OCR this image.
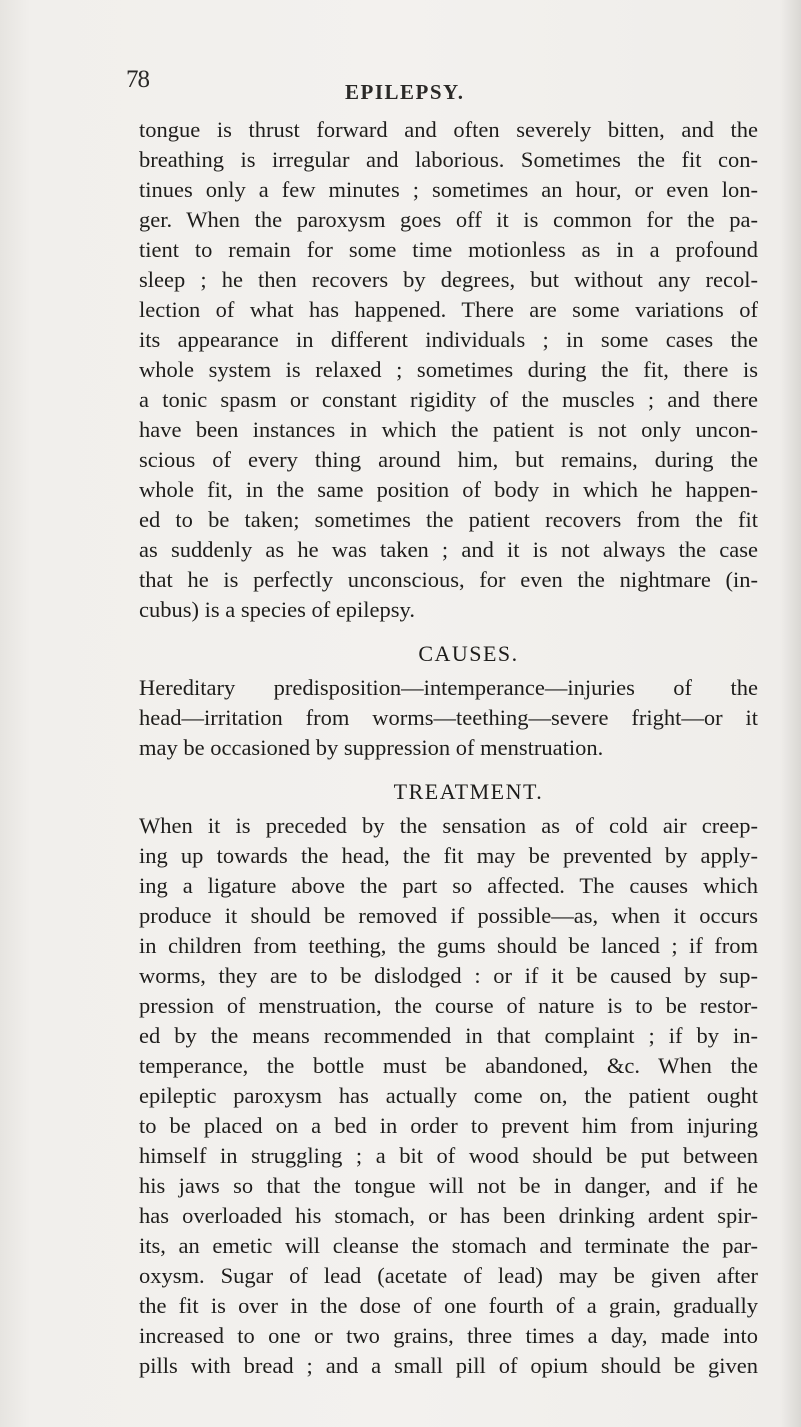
78	EPILEPSY.
tongue is thrust forward and often severely bitten, and the
breathing is irregular and laborious. Sometimes the fit con-
tinues only a few minutes ; sometimes an hour, or even lon-
ger. When the paroxysm goes off it is common for the pa-
tient to remain for some time motionless as in a profound
sleep ; he then recovers by degrees, but without any recol-
lection of what has happened. There are some variations of
its appearance in different individuals ; in some cases the
whole system is relaxed ; sometimes during the fit, there is
a tonic spasm or constant rigidity of the muscles ; and there
have been instances in which the patient is not only uncon-
scious of every thing around him, but remains, during the
whole fit, in the same position of body in which he happen-
ed to be taken; sometimes the patient recovers from the fit
as suddenly as he was taken ; and it is not always the case
that he is perfectly unconscious, for even the nightmare (in-
cubus) is a species of epilepsy.
CAUSES.
Hereditary predisposition—intemperance—injuries of the
head—irritation from worms—teething—severe fright—or it
may be occasioned by suppression of menstruation.
TREATMENT.
When it is preceded by the sensation as of cold air creep-
ing up towards the head, the fit may be prevented by apply-
ing a ligature above the part so affected. The causes which
produce it should be removed if possible—as, when it occurs
in children from teething, the gums should be lanced ; if from
worms, they are to be dislodged : or if it be caused by sup-
pression of menstruation, the course of nature is to be restor-
ed by the means recommended in that complaint ; if by in-
temperance, the bottle must be abandoned, &c. When the
epileptic paroxysm has actually come on, the patient ought
to be placed on a bed in order to prevent him from injuring
himself in struggling ; a bit of wood should be put between
his jaws so that the tongue will not be in danger, and if he
has overloaded his stomach, or has been drinking ardent spir-
its, an emetic will cleanse the stomach and terminate the par-
oxysm. Sugar of lead (acetate of lead) may be given after
the fit is over in the dose of one fourth of a grain, gradually
increased to one or two grains, three times a day, made into
pills with bread ; and a small pill of opium should be given
